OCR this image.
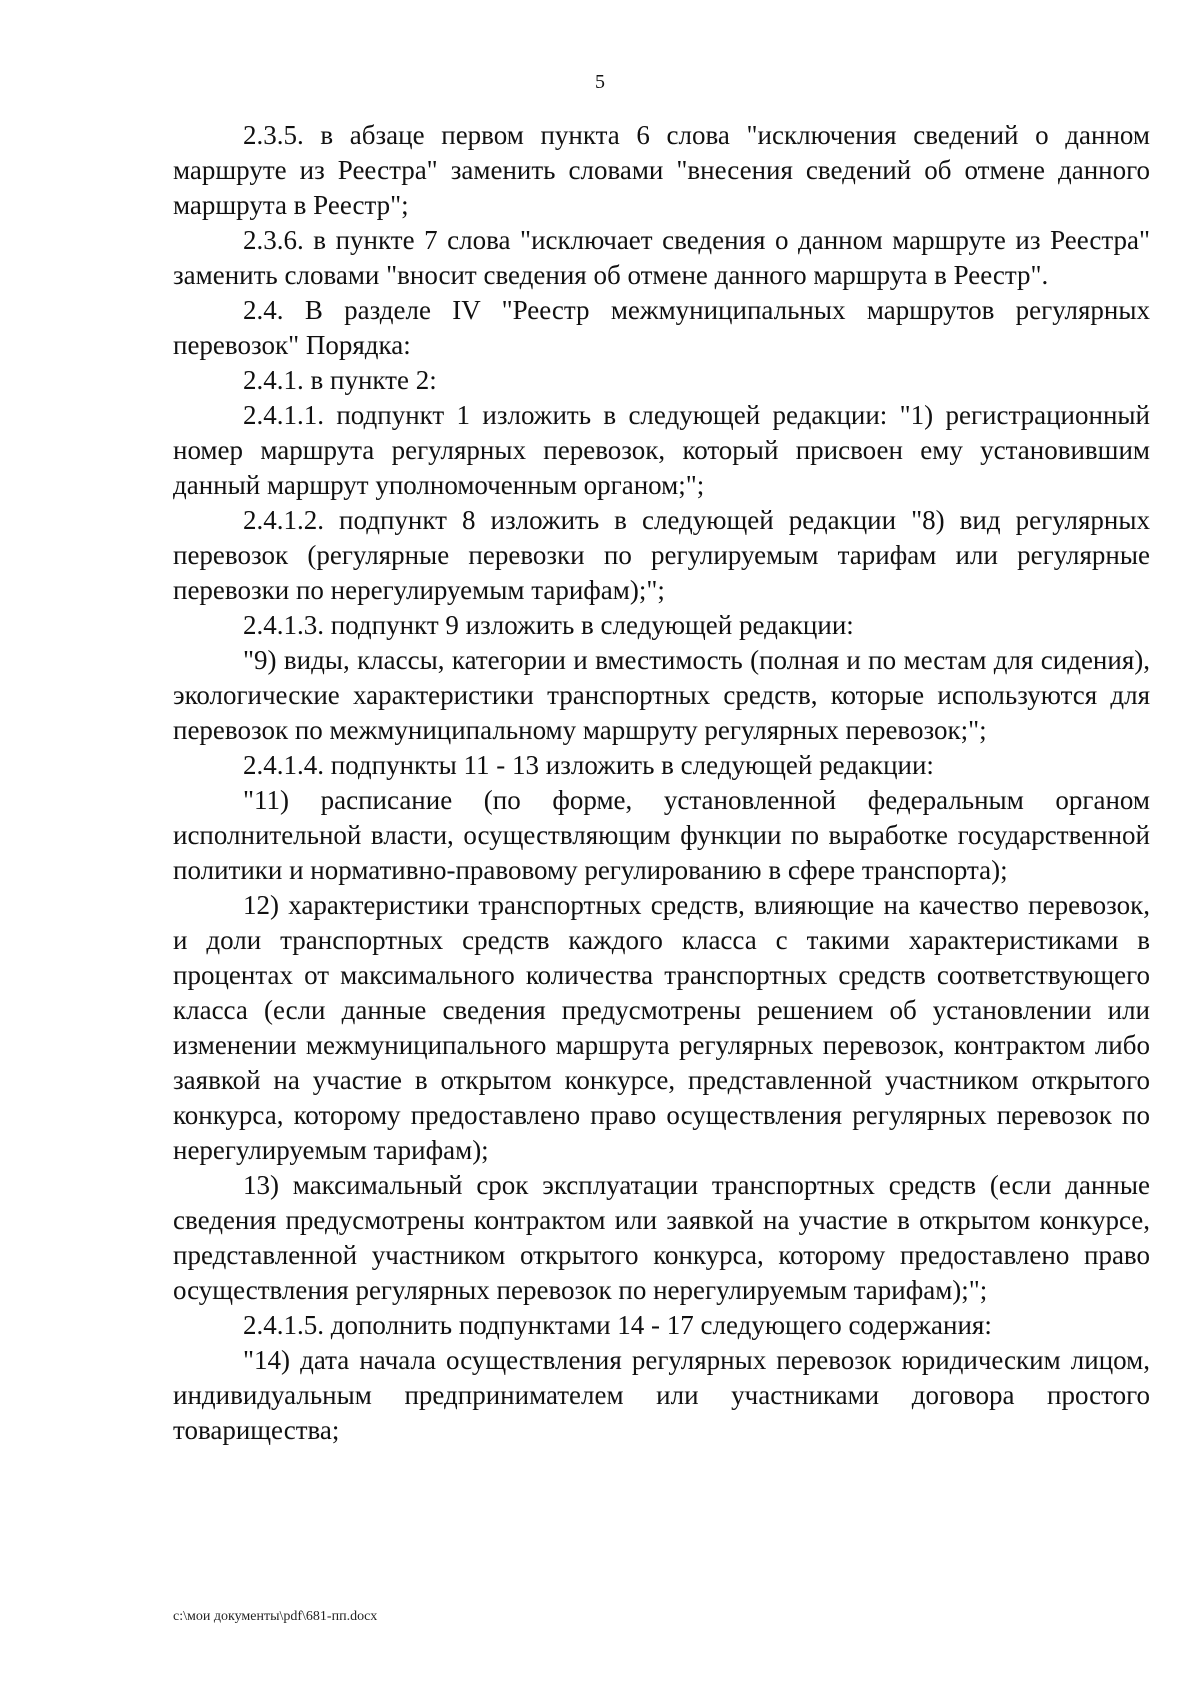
5

2.3.5. в абзаце первом пункта 6 слова "исключения сведений о данном маршруте из Реестра" заменить словами "внесения сведений об отмене данного маршрута в Реестр";

2.3.6. в пункте 7 слова "исключает сведения о данном маршруте из Реестра" заменить словами "вносит сведения об отмене данного маршрута в Реестр".

2.4. В разделе IV "Реестр межмуниципальных маршрутов регулярных перевозок" Порядка:

2.4.1. в пункте 2:

2.4.1.1. подпункт 1 изложить в следующей редакции: "1) регистрационный номер маршрута регулярных перевозок, который присвоен ему установившим данный маршрут уполномоченным органом;";

2.4.1.2. подпункт 8 изложить в следующей редакции "8) вид регулярных перевозок (регулярные перевозки по регулируемым тарифам или регулярные перевозки по нерегулируемым тарифам);";

2.4.1.3. подпункт 9 изложить в следующей редакции:

"9) виды, классы, категории и вместимость (полная и по местам для сидения), экологические характеристики транспортных средств, которые используются для перевозок по межмуниципальному маршруту регулярных перевозок;";

2.4.1.4. подпункты 11 - 13 изложить в следующей редакции:

"11) расписание (по форме, установленной федеральным органом исполнительной власти, осуществляющим функции по выработке государственной политики и нормативно-правовому регулированию в сфере транспорта);

12) характеристики транспортных средств, влияющие на качество перевозок, и доли транспортных средств каждого класса с такими характеристиками в процентах от максимального количества транспортных средств соответствующего класса (если данные сведения предусмотрены решением об установлении или изменении межмуниципального маршрута регулярных перевозок, контрактом либо заявкой на участие в открытом конкурсе, представленной участником открытого конкурса, которому предоставлено право осуществления регулярных перевозок по нерегулируемым тарифам);

13) максимальный срок эксплуатации транспортных средств (если данные сведения предусмотрены контрактом или заявкой на участие в открытом конкурсе, представленной участником открытого конкурса, которому предоставлено право осуществления регулярных перевозок по нерегулируемым тарифам);";

2.4.1.5. дополнить подпунктами 14 - 17 следующего содержания:

"14) дата начала осуществления регулярных перевозок юридическим лицом, индивидуальным предпринимателем или участниками договора простого товарищества;

c:\мои документы\pdf\681-пп.docx
